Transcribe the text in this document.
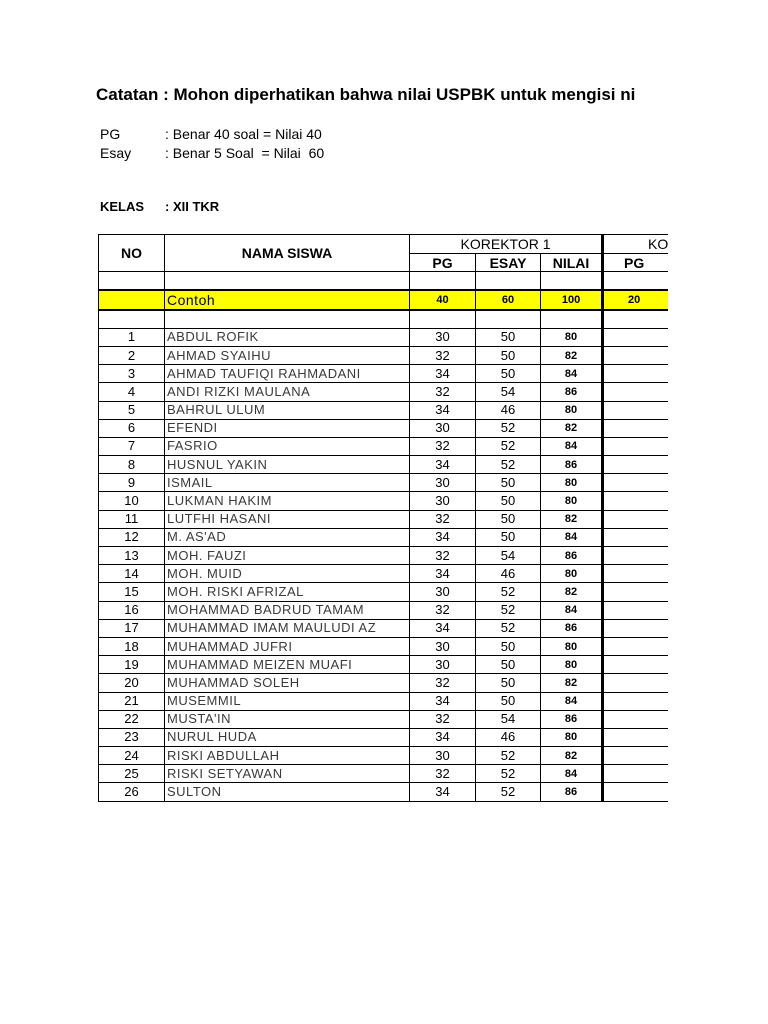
Catatan : Mohon diperhatikan bahwa nilai USPBK untuk mengisi ni
PG	: Benar 40 soal = Nilai 40
Esay : Benar 5 Soal  = Nilai  60
KELAS : XII TKR
NO	NAMA SISWA	KOREKTOR 1			KO
		PG	ESAY	NILAI	PG

	Contoh	40	60	100	20

1	ABDUL ROFIK	30	50	80	
2	AHMAD SYAIHU	32	50	82	
3	AHMAD TAUFIQI RAHMADANI	34	50	84	
4	ANDI RIZKI MAULANA	32	54	86	
5	BAHRUL ULUM	34	46	80	
6	EFENDI	30	52	82	
7	FASRIO	32	52	84	
8	HUSNUL YAKIN	34	52	86	
9	ISMAIL	30	50	80	
10	LUKMAN HAKIM	30	50	80	
11	LUTFHI HASANI	32	50	82	
12	M. AS'AD	34	50	84	
13	MOH. FAUZI	32	54	86	
14	MOH. MUID	34	46	80	
15	MOH. RISKI AFRIZAL	30	52	82	
16	MOHAMMAD BADRUD TAMAM	32	52	84	
17	MUHAMMAD IMAM MAULUDI AZ	34	52	86	
18	MUHAMMAD JUFRI	30	50	80	
19	MUHAMMAD MEIZEN MUAFI	30	50	80	
20	MUHAMMAD SOLEH	32	50	82	
21	MUSEMMIL	34	50	84	
22	MUSTA'IN	32	54	86	
23	NURUL HUDA	34	46	80	
24	RISKI ABDULLAH	30	52	82	
25	RISKI SETYAWAN	32	52	84	
26	SULTON	34	52	86	
